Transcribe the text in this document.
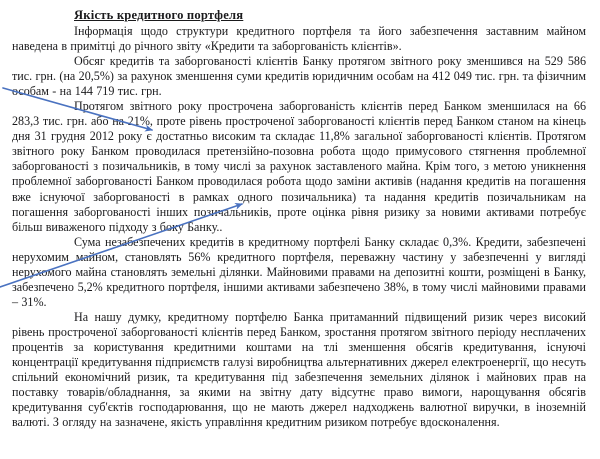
Якість кредитного портфеля

Інформація щодо структури кредитного портфеля та його забезпечення заставним майном наведена в примітці до річного звіту «Кредити та заборгованість клієнтів».

Обсяг кредитів та заборгованості клієнтів Банку протягом звітного року зменшився на 529 586 тис. грн. (на 20,5%) за рахунок зменшення суми кредитів юридичним особам на 412 049 тис. грн. та фізичним особам - на 144 719 тис. грн.

Протягом звітного року прострочена заборгованість клієнтів перед Банком зменшилася на 66 283,3 тис. грн. або на 21%, проте рівень простроченої заборгованості клієнтів перед Банком станом на кінець дня 31 грудня 2012 року є достатньо високим та складає 11,8% загальної заборгованості клієнтів. Протягом звітного року Банком проводилася претензійно-позовна робота щодо примусового стягнення проблемної заборгованості з позичальників, в тому числі за рахунок заставленого майна. Крім того, з метою уникнення проблемної заборгованості Банком проводилася робота щодо заміни активів (надання кредитів на погашення вже існуючої заборгованості в рамках одного позичальника) та надання кредитів позичальникам на погашення заборгованості інших позичальників, проте оцінка рівня ризику за новими активами потребує більш виваженого підходу з боку Банку..

Сума незабезпечених кредитів в кредитному портфелі Банку складає 0,3%. Кредити, забезпечені нерухомим майном, становлять 56% кредитного портфеля, переважну частину у забезпеченні у вигляді нерухомого майна становлять земельні ділянки. Майновими правами на депозитні кошти, розміщені в Банку, забезпечено 5,2% кредитного портфеля, іншими активами забезпечено 38%, в тому числі майновими правами – 31%.

На нашу думку, кредитному портфелю Банка притаманний підвищений ризик через високий рівень простроченої заборгованості клієнтів перед Банком, зростання протягом звітного періоду несплачених процентів за користування кредитними коштами на тлі зменшення обсягів кредитування, існуючі концентрації кредитування підприємств галузі виробництва альтернативних джерел електроенергії, що несуть спільний економічний ризик, та кредитування під забезпечення земельних ділянок і майнових прав на поставку товарів/обладнання, за якими на звітну дату відсутнє право вимоги, нарощування обсягів кредитування суб'єктів господарювання, що не мають джерел надходжень валютної виручки, в іноземній валюті. З огляду на зазначене, якість управління кредитним ризиком потребує вдосконалення.
